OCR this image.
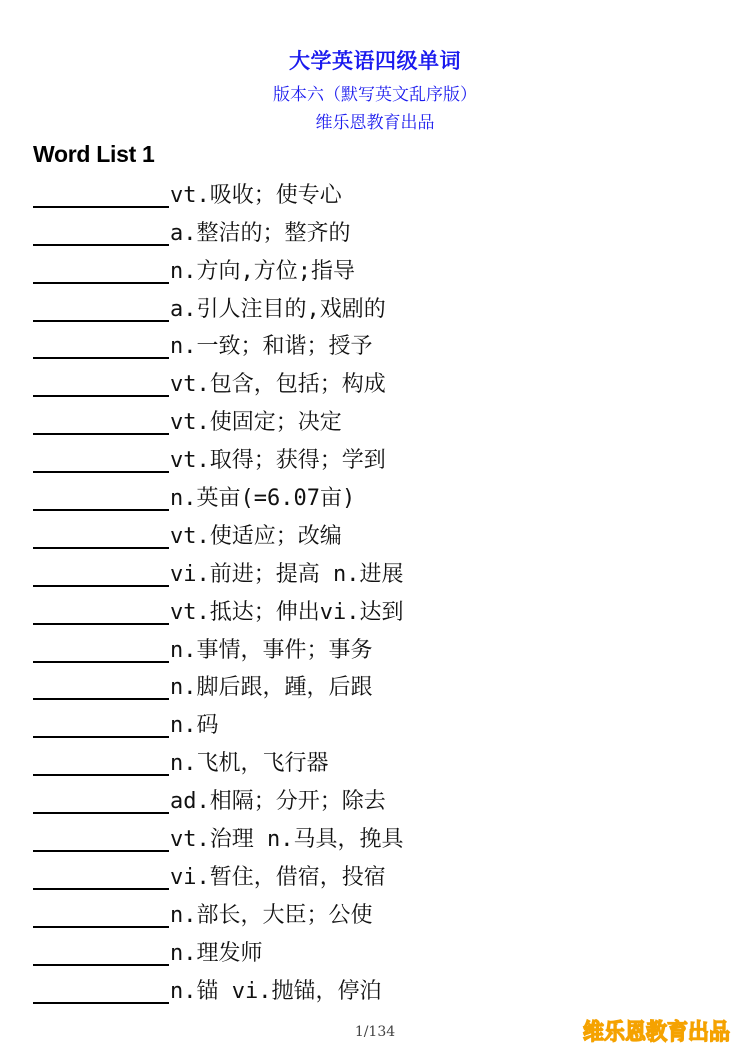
大学英语四级单词
版本六（默写英文乱序版）
维乐恩教育出品
Word List 1
vt.吸收；使专心
a.整洁的；整齐的
n.方向,方位;指导
a.引人注目的,戏剧的
n.一致；和谐；授予
vt.包含，包括；构成
vt.使固定；决定
vt.取得；获得；学到
n.英亩(=6.07亩)
vt.使适应；改编
vi.前进；提高 n.进展
vt.抵达；伸出vi.达到
n.事情，事件；事务
n.脚后跟，踵，后跟
n.码
n.飞机，飞行器
ad.相隔；分开；除去
vt.治理 n.马具，挽具
vi.暂住，借宿，投宿
n.部长，大臣；公使
n.理发师
n.锚 vi.抛锚，停泊
1/134	维乐恩教育出品
